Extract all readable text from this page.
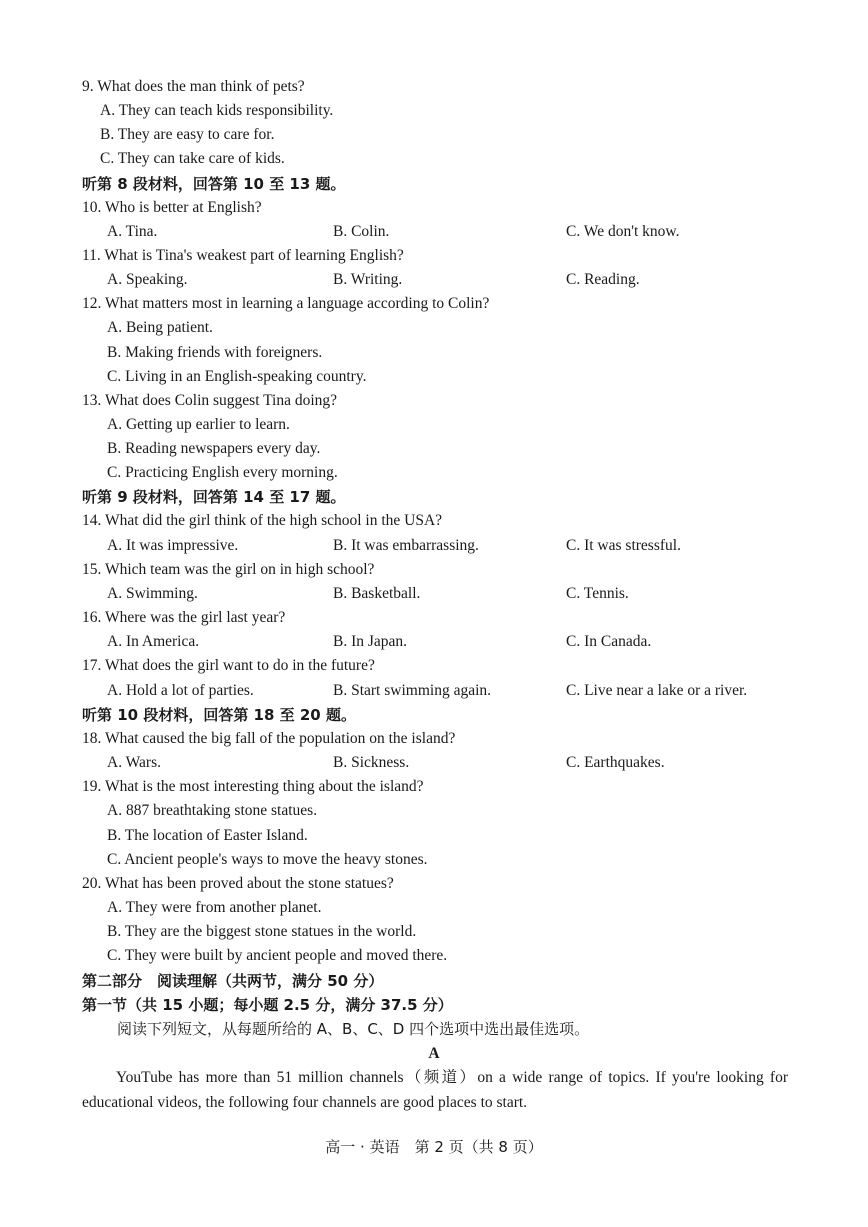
9. What does the man think of pets?
A. They can teach kids responsibility.
B. They are easy to care for.
C. They can take care of kids.
听第 8 段材料，回答第 10 至 13 题。
10. Who is better at English?
A. Tina.	B. Colin.	C. We don't know.
11. What is Tina's weakest part of learning English?
A. Speaking.	B. Writing.	C. Reading.
12. What matters most in learning a language according to Colin?
A. Being patient.
B. Making friends with foreigners.
C. Living in an English-speaking country.
13. What does Colin suggest Tina doing?
A. Getting up earlier to learn.
B. Reading newspapers every day.
C. Practicing English every morning.
听第 9 段材料，回答第 14 至 17 题。
14. What did the girl think of the high school in the USA?
A. It was impressive.	B. It was embarrassing.	C. It was stressful.
15. Which team was the girl on in high school?
A. Swimming.	B. Basketball.	C. Tennis.
16. Where was the girl last year?
A. In America.	B. In Japan.	C. In Canada.
17. What does the girl want to do in the future?
A. Hold a lot of parties.	B. Start swimming again.	C. Live near a lake or a river.
听第 10 段材料，回答第 18 至 20 题。
18. What caused the big fall of the population on the island?
A. Wars.	B. Sickness.	C. Earthquakes.
19. What is the most interesting thing about the island?
A. 887 breathtaking stone statues.
B. The location of Easter Island.
C. Ancient people's ways to move the heavy stones.
20. What has been proved about the stone statues?
A. They were from another planet.
B. They are the biggest stone statues in the world.
C. They were built by ancient people and moved there.
第二部分　阅读理解（共两节，满分 50 分）
第一节（共 15 小题；每小题 2.5 分，满分 37.5 分）
阅读下列短文，从每题所给的 A、B、C、D 四个选项中选出最佳选项。
A
YouTube has more than 51 million channels（频道）on a wide range of topics. If you're looking for educational videos, the following four channels are good places to start.
高一 · 英语　第 2 页（共 8 页）
